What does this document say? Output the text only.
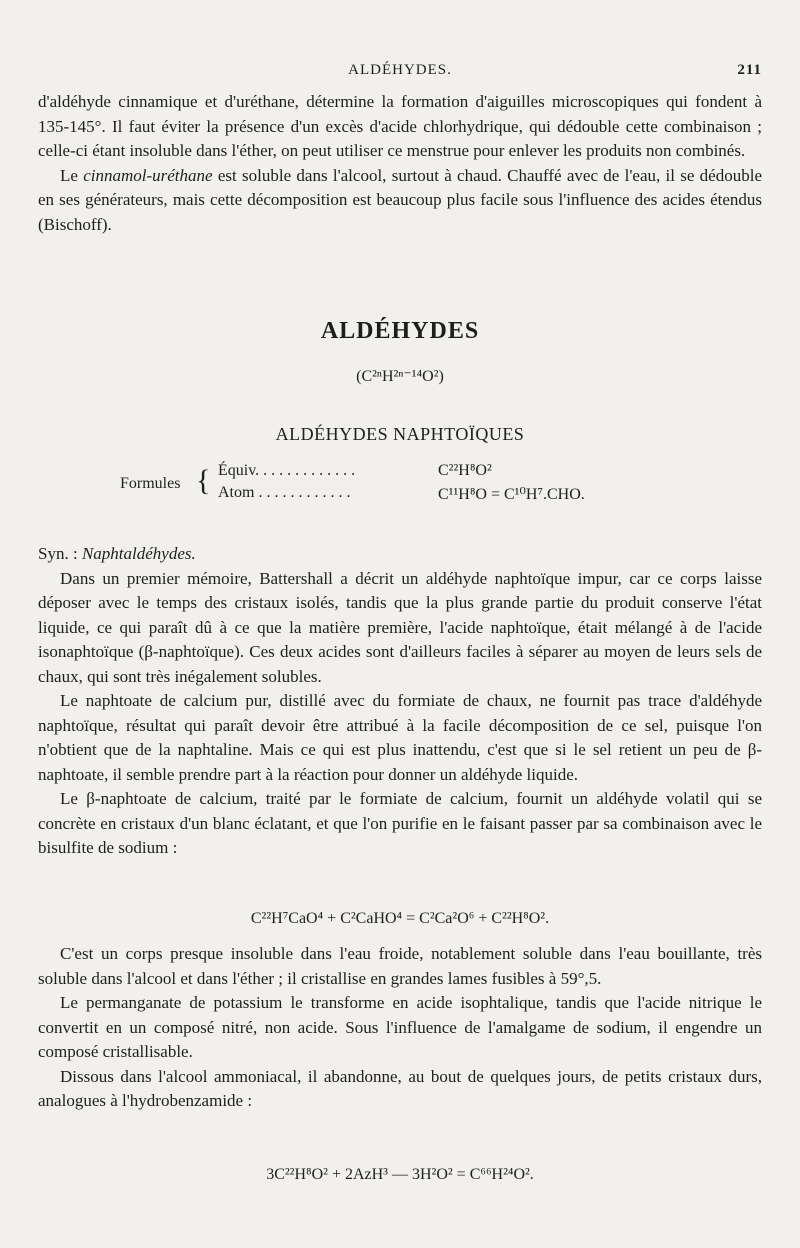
ALDÉHYDES.	211

d'aldéhyde cinnamique et d'uréthane, détermine la formation d'aiguilles microscopiques qui fondent à 135-145°. Il faut éviter la présence d'un excès d'acide chlorhydrique, qui dédouble cette combinaison ; celle-ci étant insoluble dans l'éther, on peut utiliser ce menstrue pour enlever les produits non combinés.

Le cinnamol-uréthane est soluble dans l'alcool, surtout à chaud. Chauffé avec de l'eau, il se dédouble en ses générateurs, mais cette décomposition est beaucoup plus facile sous l'influence des acides étendus (Bischoff).

ALDÉHYDES
(C²ⁿH²ⁿ⁻¹⁴O²)
ALDÉHYDES NAPHTOÏQUES
Formules { Équiv. . . . . . . . . . . . .	C²²H⁸O²
Atom . . . . . . . . . . . .	C¹¹H⁸O = C¹⁰H⁷.CHO.

Syn. : Naphtaldéhydes.

Dans un premier mémoire, Battershall a décrit un aldéhyde naphtoïque impur, car ce corps laisse déposer avec le temps des cristaux isolés, tandis que la plus grande partie du produit conserve l'état liquide, ce qui paraît dû à ce que la matière première, l'acide naphtoïque, était mélangé à de l'acide isonaphtoïque (β-naphtoïque). Ces deux acides sont d'ailleurs faciles à séparer au moyen de leurs sels de chaux, qui sont très inégalement solubles.

Le naphtoate de calcium pur, distillé avec du formiate de chaux, ne fournit pas trace d'aldéhyde naphtoïque, résultat qui paraît devoir être attribué à la facile décomposition de ce sel, puisque l'on n'obtient que de la naphtaline. Mais ce qui est plus inattendu, c'est que si le sel retient un peu de β-naphtoate, il semble prendre part à la réaction pour donner un aldéhyde liquide.

Le β-naphtoate de calcium, traité par le formiate de calcium, fournit un aldéhyde volatil qui se concrète en cristaux d'un blanc éclatant, et que l'on purifie en le faisant passer par sa combinaison avec le bisulfite de sodium :

C²²H⁷CaO⁴ + C²CaHO⁴ = C²Ca²O⁶ + C²²H⁸O².

C'est un corps presque insoluble dans l'eau froide, notablement soluble dans l'eau bouillante, très soluble dans l'alcool et dans l'éther ; il cristallise en grandes lames fusibles à 59°,5.

Le permanganate de potassium le transforme en acide isophtalique, tandis que l'acide nitrique le convertit en un composé nitré, non acide. Sous l'influence de l'amalgame de sodium, il engendre un composé cristallisable.

Dissous dans l'alcool ammoniacal, il abandonne, au bout de quelques jours, de petits cristaux durs, analogues à l'hydrobenzamide :

3C²²H⁸O² + 2AzH³ — 3H²O² = C⁶⁶H²⁴O².
